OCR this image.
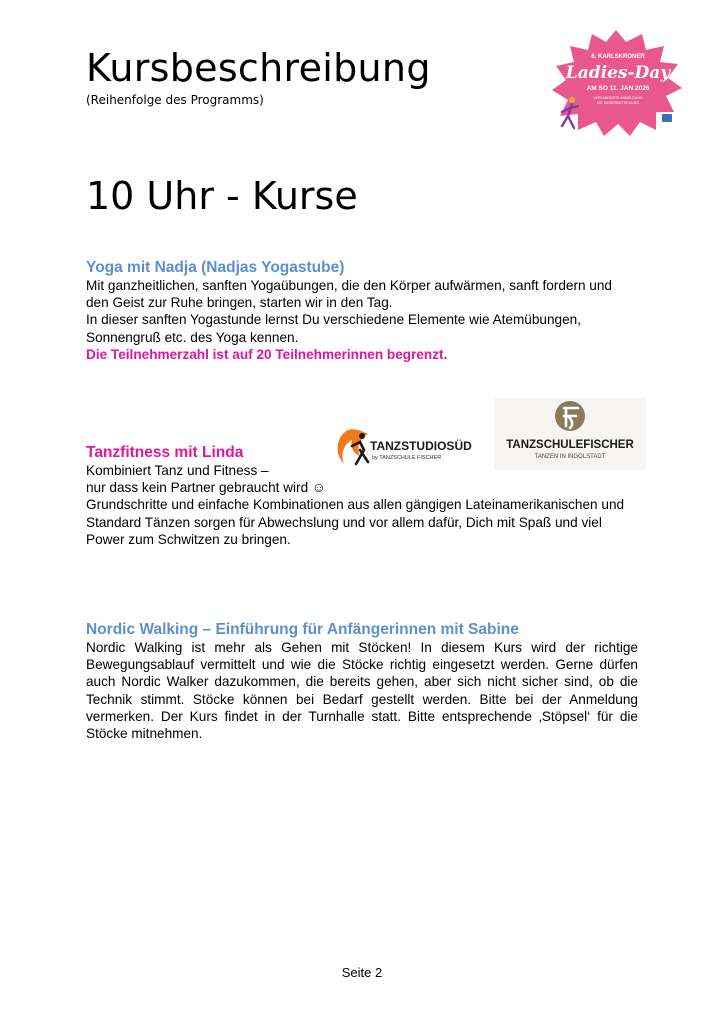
Kursbeschreibung
(Reihenfolge des Programms)
6. KARLSKRONER
Ladies-Day
AM SO 11. JAN 2026
VERLANGERTE ANMELDUNG
MIT KINDERBETREUUNG
10 Uhr - Kurse
Yoga mit Nadja (Nadjas Yogastube)

Mit ganzheitlichen, sanften Yogaübungen, die den Körper aufwärmen, sanft fordern und den Geist zur Ruhe bringen, starten wir in den Tag.

In dieser sanften Yogastunde lernst Du verschiedene Elemente wie Atemübungen, Sonnengruß etc. des Yoga kennen.

Die Teilnehmerzahl ist auf 20 Teilnehmerinnen begrenzt.

TANZSTUDIOSÜD
by TANZSCHULE FISCHER
TANZSCHULEFISCHER
TANZEN IN INGOLSTADT
Tanzfitness mit Linda

Kombiniert Tanz und Fitness –

nur dass kein Partner gebraucht wird ☺

Grundschritte und einfache Kombinationen aus allen gängigen Lateinamerikanischen und Standard Tänzen sorgen für Abwechslung und vor allem dafür, Dich mit Spaß und viel Power zum Schwitzen zu bringen.

Nordic Walking – Einführung für Anfängerinnen mit Sabine

Nordic Walking ist mehr als Gehen mit Stöcken! In diesem Kurs wird der richtige Bewegungsablauf vermittelt und wie die Stöcke richtig eingesetzt werden. Gerne dürfen auch Nordic Walker dazukommen, die bereits gehen, aber sich nicht sicher sind, ob die Technik stimmt. Stöcke können bei Bedarf gestellt werden. Bitte bei der Anmeldung vermerken. Der Kurs findet in der Turnhalle statt. Bitte entsprechende ‚Stöpsel‘ für die Stöcke mitnehmen.

Seite 2
